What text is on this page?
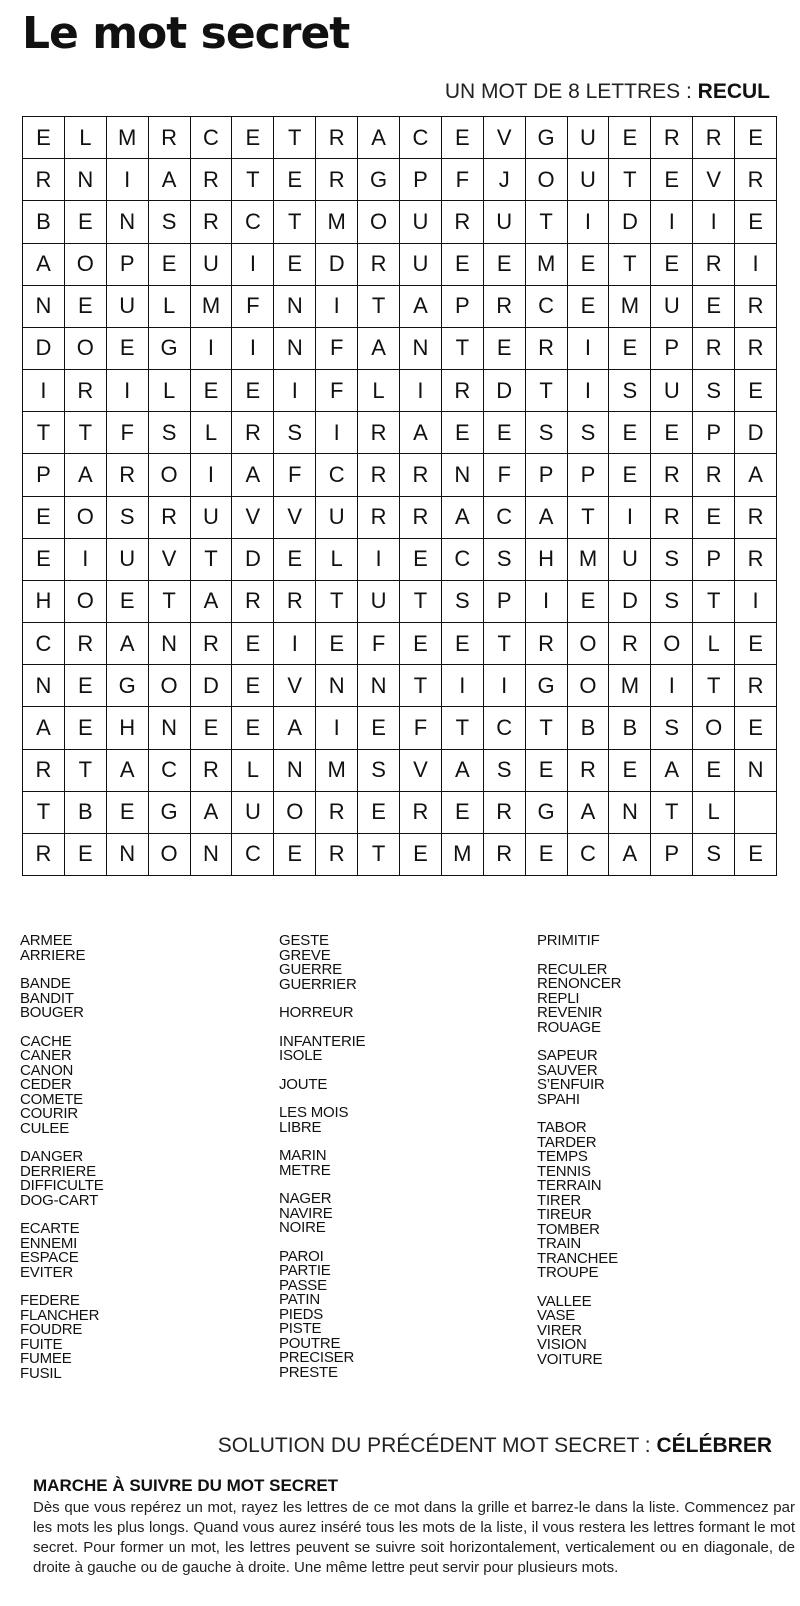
Le mot secret
UN MOT DE 8 LETTRES : RECUL
E	L	M	R	C	E	T	R	A	C	E	V	G	U	E	R	R	E
R	N	I	A	R	T	E	R	G	P	F	J	O	U	T	E	V	R
B	E	N	S	R	C	T	M	O	U	R	U	T	I	D	I	I	E
A	O	P	E	U	I	E	D	R	U	E	E	M	E	T	E	R	I
N	E	U	L	M	F	N	I	T	A	P	R	C	E	M	U	E	R
D	O	E	G	I	I	N	F	A	N	T	E	R	I	E	P	R	R
I	R	I	L	E	E	I	F	L	I	R	D	T	I	S	U	S	E
T	T	F	S	L	R	S	I	R	A	E	E	S	S	E	E	P	D
P	A	R	O	I	A	F	C	R	R	N	F	P	P	E	R	R	A
E	O	S	R	U	V	V	U	R	R	A	C	A	T	I	R	E	R
E	I	U	V	T	D	E	L	I	E	C	S	H	M	U	S	P	R
H	O	E	T	A	R	R	T	U	T	S	P	I	E	D	S	T	I
C	R	A	N	R	E	I	E	F	E	E	T	R	O	R	O	L	E
N	E	G	O	D	E	V	N	N	T	I	I	G	O	M	I	T	R
A	E	H	N	E	E	A	I	E	F	T	C	T	B	B	S	O	E
R	T	A	C	R	L	N	M	S	V	A	S	E	R	E	A	E	N
T	B	E	G	A	U	O	R	E	R	E	R	G	A	N	T	L
R	E	N	O	N	C	E	R	T	E	M	R	E	C	A	P	S	E
ARMEE
ARRIERE
BANDE
BANDIT
BOUGER
CACHE
CANER
CANON
CEDER
COMETE
COURIR
CULEE
DANGER
DERRIERE
DIFFICULTE
DOG-CART
ECARTE
ENNEMI
ESPACE
EVITER
FEDERE
FLANCHER
FOUDRE
FUITE
FUMEE
FUSIL
GESTE
GREVE
GUERRE
GUERRIER
HORREUR
INFANTERIE
ISOLE
JOUTE
LES MOIS
LIBRE
MARIN
METRE
NAGER
NAVIRE
NOIRE
PAROI
PARTIE
PASSE
PATIN
PIEDS
PISTE
POUTRE
PRECISER
PRESTE
PRIMITIF
RECULER
RENONCER
REPLI
REVENIR
ROUAGE
SAPEUR
SAUVER
S’ENFUIR
SPAHI
TABOR
TARDER
TEMPS
TENNIS
TERRAIN
TIRER
TIREUR
TOMBER
TRAIN
TRANCHEE
TROUPE
VALLEE
VASE
VIRER
VISION
VOITURE
SOLUTION DU PRÉCÉDENT MOT SECRET : CÉLÉBRER
MARCHE À SUIVRE DU MOT SECRET
Dès que vous repérez un mot, rayez les lettres de ce mot dans la grille et barrez-le dans la liste. Commencez par les mots les plus longs. Quand vous aurez inséré tous les mots de la liste, il vous restera les lettres formant le mot secret. Pour former un mot, les lettres peuvent se suivre soit horizontalement, verticalement ou en diagonale, de droite à gauche ou de gauche à droite. Une même lettre peut servir pour plusieurs mots.
